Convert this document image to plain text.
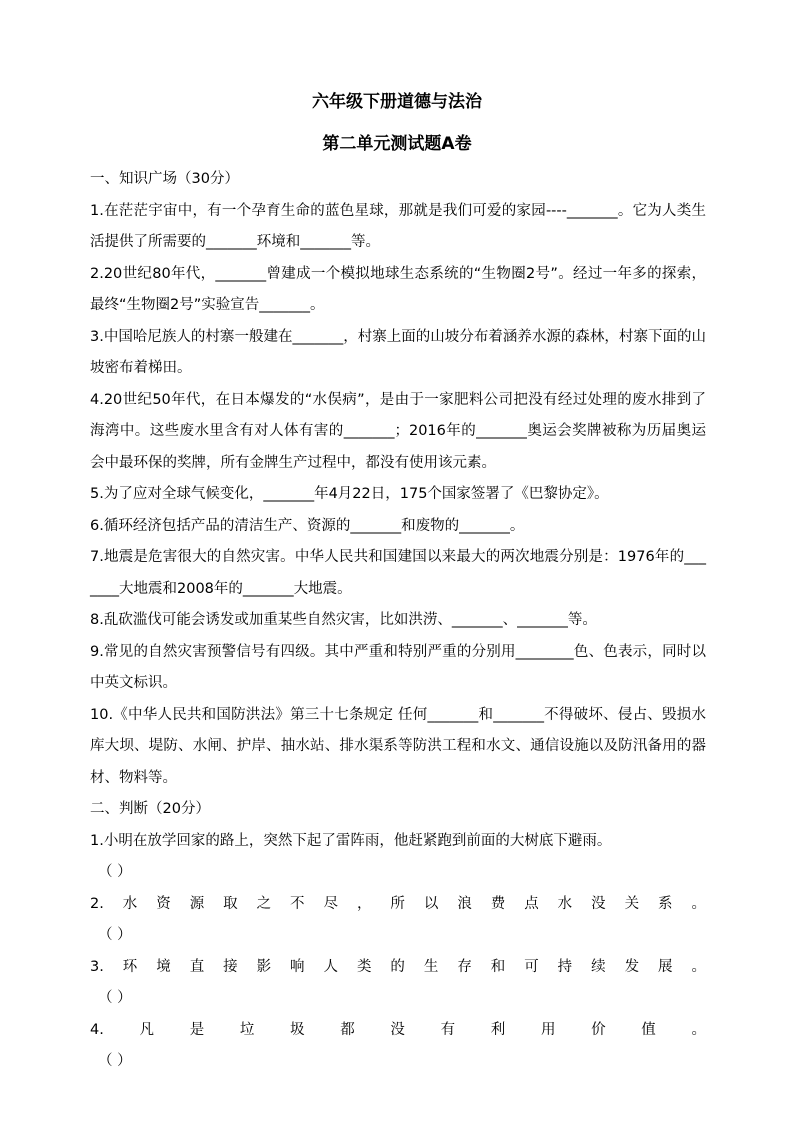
六年级下册道德与法治
第二单元测试题A卷

一、知识广场（30分）

1.在茫茫宇宙中，有一个孕育生命的蓝色星球，那就是我们可爱的家园----_______。它为人类生活提供了所需要的_______环境和_______等。

2.20世纪80年代，_______曾建成一个模拟地球生态系统的“生物圈2号”。经过一年多的探索，最终“生物圈2号”实验宣告_______。

3.中国哈尼族人的村寨一般建在_______，村寨上面的山坡分布着涵养水源的森林，村寨下面的山坡密布着梯田。

4.20世纪50年代，在日本爆发的“水俣病”，是由于一家肥料公司把没有经过处理的废水排到了海湾中。这些废水里含有对人体有害的_______；2016年的_______奥运会奖牌被称为历届奥运会中最环保的奖牌，所有金牌生产过程中，都没有使用该元素。

5.为了应对全球气候变化，_______年4月22日，175个国家签署了《巴黎协定》。

6.循环经济包括产品的清洁生产、资源的_______和废物的_______。

7.地震是危害很大的自然灾害。中华人民共和国建国以来最大的两次地震分别是：1976年的_______大地震和2008年的_______大地震。

8.乱砍滥伐可能会诱发或加重某些自然灾害，比如洪涝、_______、_______等。

9.常见的自然灾害预警信号有四级。其中严重和特别严重的分别用________色、色表示，同时以中英文标识。

10.《中华人民共和国防洪法》第三十七条规定 任何_______和_______不得破坏、侵占、毁损水库大坝、堤防、水闸、护岸、抽水站、排水渠系等防洪工程和水文、通信设施以及防汛备用的器材、物料等。

二、判断（20分）

1.小明在放学回家的路上，突然下起了雷阵雨，他赶紧跑到前面的大树底下避雨。

（ ）

2.水资源取之不尽，所以浪费点水没关系。

（ ）

3.环境直接影响人类的生存和可持续发展。

（ ）

4.凡是垃圾都没有利用价值。

（ ）
